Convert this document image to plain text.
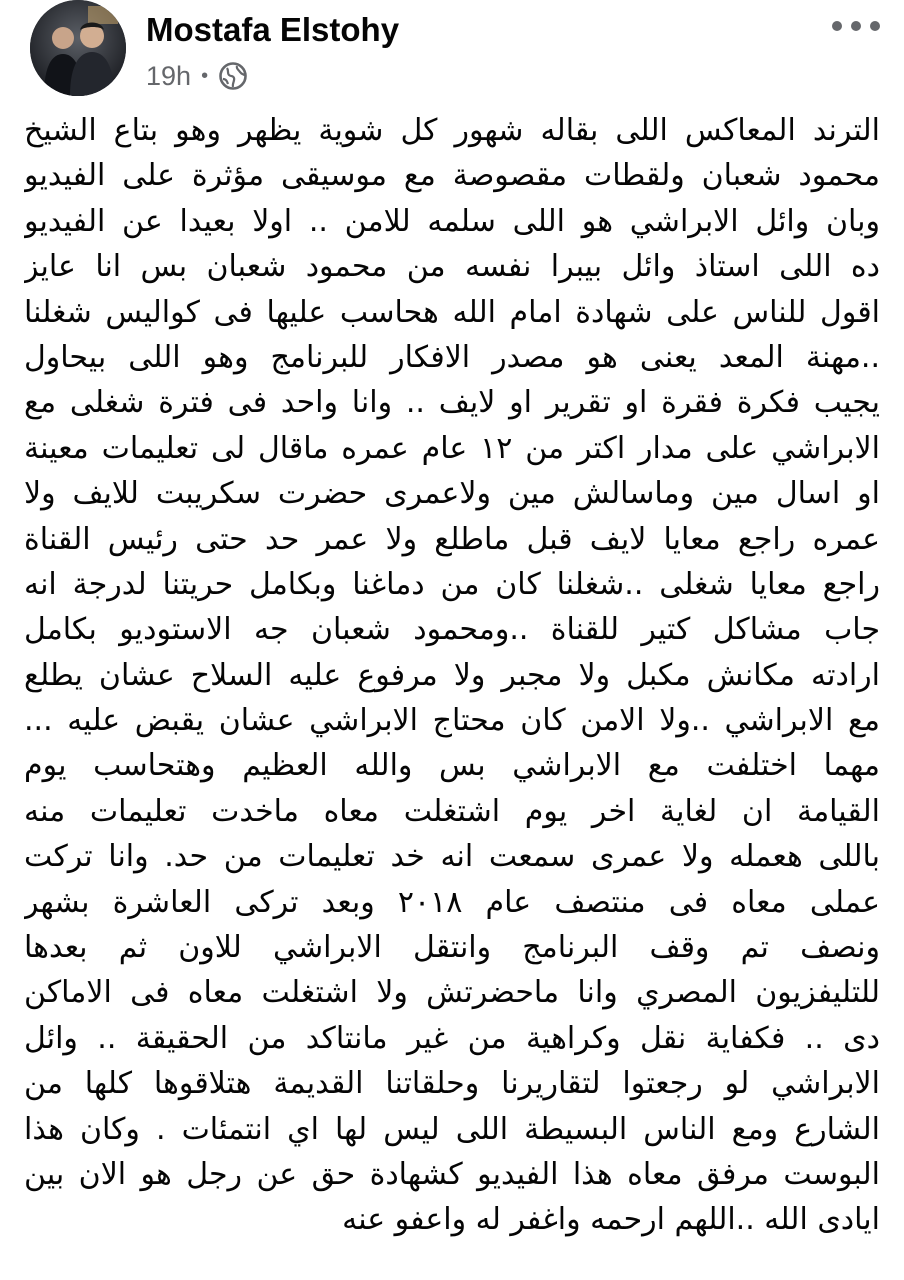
Mostafa Elstohy
19h •
الترند المعاكس اللى بقاله شهور كل شوية يظهر وهو بتاع الشيخ
محمود شعبان ولقطات مقصوصة مع موسيقى مؤثرة على الفيديو
وبان وائل الابراشي هو اللى سلمه للامن .. اولا بعيدا عن الفيديو
ده اللى استاذ وائل بيبرا نفسه من محمود شعبان بس انا عايز
اقول للناس على شهادة امام الله هحاسب عليها فى كواليس شغلنا
..مهنة المعد يعنى هو مصدر الافكار للبرنامج وهو اللى بيحاول
يجيب فكرة فقرة او تقرير او لايف .. وانا واحد فى فترة شغلى مع
الابراشي على مدار اكتر من ١٢ عام عمره ماقال لى تعليمات معينة
او اسال مين وماسالش مين ولاعمرى حضرت سكريبت للايف ولا
عمره راجع معايا لايف قبل ماطلع ولا عمر حد حتى رئيس القناة
راجع معايا شغلى ..شغلنا كان من دماغنا وبكامل حريتنا لدرجة انه
جاب مشاكل كتير للقناة ..ومحمود شعبان جه الاستوديو بكامل
ارادته مكانش مكبل ولا مجبر ولا مرفوع عليه السلاح عشان يطلع
مع الابراشي ..ولا الامن كان محتاج الابراشي عشان يقبض عليه ...
مهما اختلفت مع الابراشي بس والله العظيم وهتحاسب يوم
القيامة ان لغاية اخر يوم اشتغلت معاه ماخدت تعليمات منه
باللى هعمله ولا عمرى سمعت انه خد تعليمات من حد. وانا تركت
عملى معاه فى منتصف عام ٢٠١٨ وبعد تركى العاشرة بشهر
ونصف تم وقف البرنامج وانتقل الابراشي للاون ثم بعدها
للتليفزيون المصري وانا ماحضرتش ولا اشتغلت معاه فى الاماكن
دى .. فكفاية نقل وكراهية من غير مانتاكد من الحقيقة .. وائل
الابراشي لو رجعتوا لتقاريرنا وحلقاتنا القديمة هتلاقوها كلها من
الشارع ومع الناس البسيطة اللى ليس لها اي انتمئات . وكان هذا
البوست مرفق معاه هذا الفيديو كشهادة حق عن رجل هو الان بين
ايادى الله ..اللهم ارحمه واغفر له واعفو عنه
